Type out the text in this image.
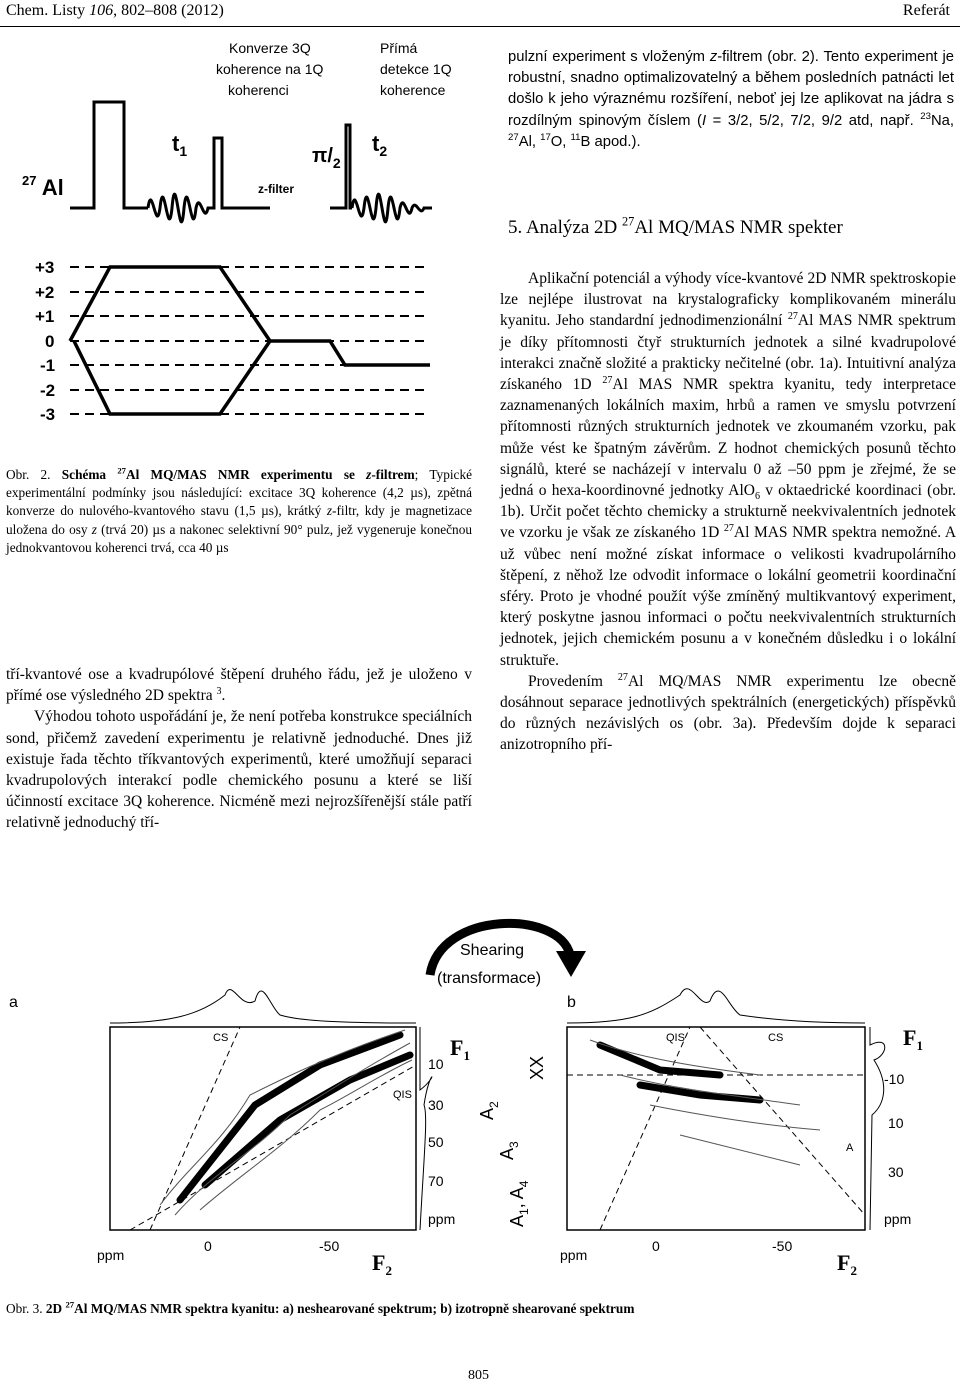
Chem. Listy 106, 802–808 (2012)	Referát
Konverze 3Q
koherence na 1Q
koherenci
Přímá
detekce 1Q
koherence
$t_1$	$t_2$
$\pi/_2$
z-filter
$^{27}$ Al
+3
+2
+1
0
-1
-2
-3
Obr. 2. Schéma $^{27}$Al MQ/MAS NMR experimentu se z-filtrem; Typické experimentální podmínky jsou následující: excitace 3Q koherence (4,2 µs), zpětná konverze do nulového-kvantového stavu (1,5 µs), krátký z-filtr, kdy je magnetizace uložena do osy z (trvá 20) µs a nakonec selektivní 90° pulz, jež vygeneruje konečnou jednokvantovou koherenci trvá, cca 40 µs

tří-kvantové ose a kvadrupólové štěpení druhého řádu, jež je uloženo v přímé ose výsledného 2D spektra $^3$.

Výhodou tohoto uspořádání je, že není potřeba konstrukce speciálních sond, přičemž zavedení experimentu je relativně jednoduché. Dnes již existuje řada těchto tříkvantových experimentů, které umožňují separaci kvadrupolových interakcí podle chemického posunu a které se liší účinností excitace 3Q koherence. Nicméně mezi nejrozšířenější stále patří relativně jednoduchý tří-

pulzní experiment s vloženým z-filtrem (obr. 2). Tento experiment je robustní, snadno optimalizovatelný a během posledních patnácti let došlo k jeho výraznému rozšíření, neboť jej lze aplikovat na jádra s rozdílným spinovým číslem (I = 3/2, 5/2, 7/2, 9/2 atd, např. $^{23}$Na, $^{27}$Al, $^{17}$O, $^{11}$B apod.).
5. Analýza 2D $^{27}$Al MQ/MAS NMR spekter

Aplikační potenciál a výhody více-kvantové 2D NMR spektroskopie lze nejlépe ilustrovat na krystalograficky komplikovaném minerálu kyanitu. Jeho standardní jednodimenzionální $^{27}$Al MAS NMR spektrum je díky přítomnosti čtyř strukturních jednotek a silné kvadrupolové interakci značně složité a prakticky nečitelné (obr. 1a). Intuitivní analýza získaného 1D $^{27}$Al MAS NMR spektra kyanitu, tedy interpretace zaznamenaných lokálních maxim, hrbů a ramen ve smyslu potvrzení přítomnosti různých strukturních jednotek ve zkoumaném vzorku, pak může vést ke špatným závěrům. Z hodnot chemických posunů těchto signálů, které se nacházejí v intervalu 0 až –50 ppm je zřejmé, že se jedná o hexa-koordinovné jednotky AlO$_6$ v oktaedrické koordinaci (obr. 1b). Určit počet těchto chemicky a strukturně neekvivalentních jednotek ve vzorku je však ze získaného 1D $^{27}$Al MAS NMR spektra nemožné. A už vůbec není možné získat informace o velikosti kvadrupolárního štěpení, z něhož lze odvodit informace o lokální geometrii koordinační sféry. Proto je vhodné použít výše zmíněný multikvantový experiment, který poskytne jasnou informaci o počtu neekvivalentních strukturních jednotek, jejich chemickém posunu a v konečném důsledku i o lokální struktuře.

Provedením $^{27}$Al MQ/MAS NMR experimentu lze obecně dosáhnout separace jednotlivých spektrálních (energetických) příspěvků do různých nezávislých os (obr. 3a). Především dojde k separaci anizotropního pří-

Shearing
(transformace)
a	b
CS
QIS
10
30
50
70
ppm
$F_1$
ppm
0	-50
$F_2$
$A_2$
$A_3$
$A_1$, $A_4$
XX
QIS	CS
A
-10
10
30
ppm
$F_1$
ppm
0	-50
$F_2$
Obr. 3. 2D $^{27}$Al MQ/MAS NMR spektra kyanitu: a) neshearované spektrum; b) izotropně shearované spektrum
805
